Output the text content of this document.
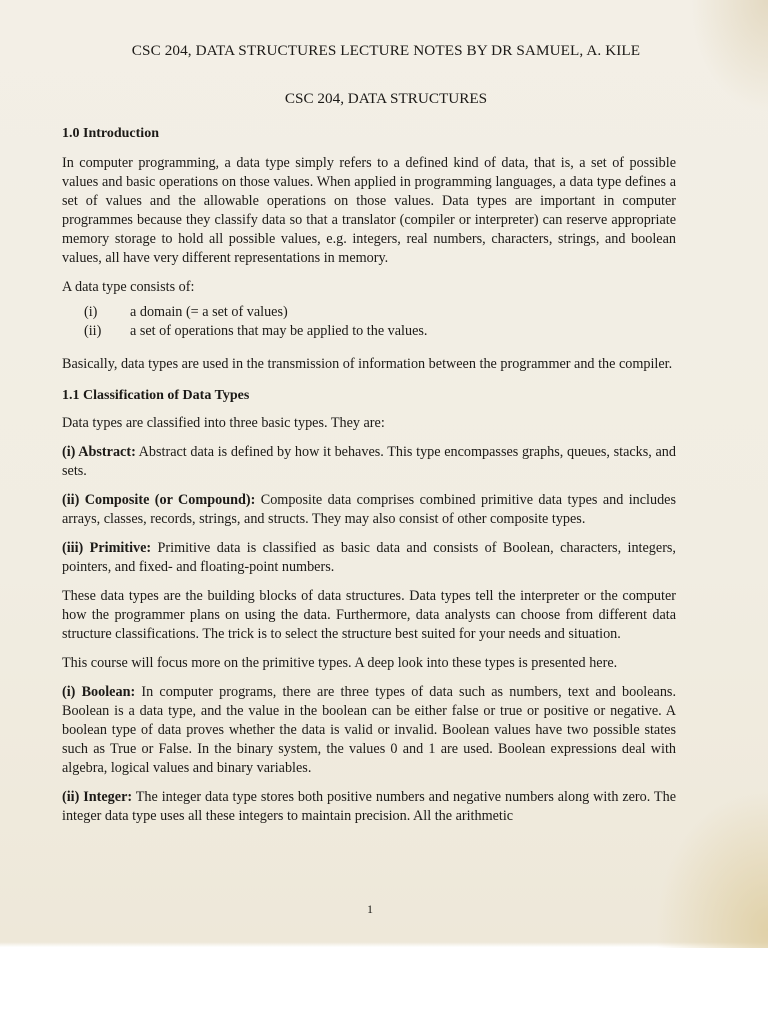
CSC 204, DATA STRUCTURES LECTURE NOTES BY DR SAMUEL, A. KILE

CSC 204, DATA STRUCTURES

1.0 Introduction

In computer programming, a data type simply refers to a defined kind of data, that is, a set of possible values and basic operations on those values. When applied in programming languages, a data type defines a set of values and the allowable operations on those values. Data types are important in computer programmes because they classify data so that a translator (compiler or interpreter) can reserve appropriate memory storage to hold all possible values, e.g. integers, real numbers, characters, strings, and boolean values, all have very different representations in memory.

A data type consists of:

(i)	a domain (= a set of values)
(ii)	a set of operations that may be applied to the values.

Basically, data types are used in the transmission of information between the programmer and the compiler.

1.1 Classification of Data Types

Data types are classified into three basic types. They are:

(i) Abstract: Abstract data is defined by how it behaves. This type encompasses graphs, queues, stacks, and sets.

(ii) Composite (or Compound): Composite data comprises combined primitive data types and includes arrays, classes, records, strings, and structs. They may also consist of other composite types.

(iii) Primitive: Primitive data is classified as basic data and consists of Boolean, characters, integers, pointers, and fixed- and floating-point numbers.

These data types are the building blocks of data structures. Data types tell the interpreter or the computer how the programmer plans on using the data. Furthermore, data analysts can choose from different data structure classifications. The trick is to select the structure best suited for your needs and situation.

This course will focus more on the primitive types. A deep look into these types is presented here.

(i) Boolean: In computer programs, there are three types of data such as numbers, text and booleans. Boolean is a data type, and the value in the boolean can be either false or true or positive or negative. A boolean type of data proves whether the data is valid or invalid. Boolean values have two possible states such as True or False. In the binary system, the values 0 and 1 are used. Boolean expressions deal with algebra, logical values and binary variables.

(ii) Integer: The integer data type stores both positive numbers and negative numbers along with zero. The integer data type uses all these integers to maintain precision. All the arithmetic

1
